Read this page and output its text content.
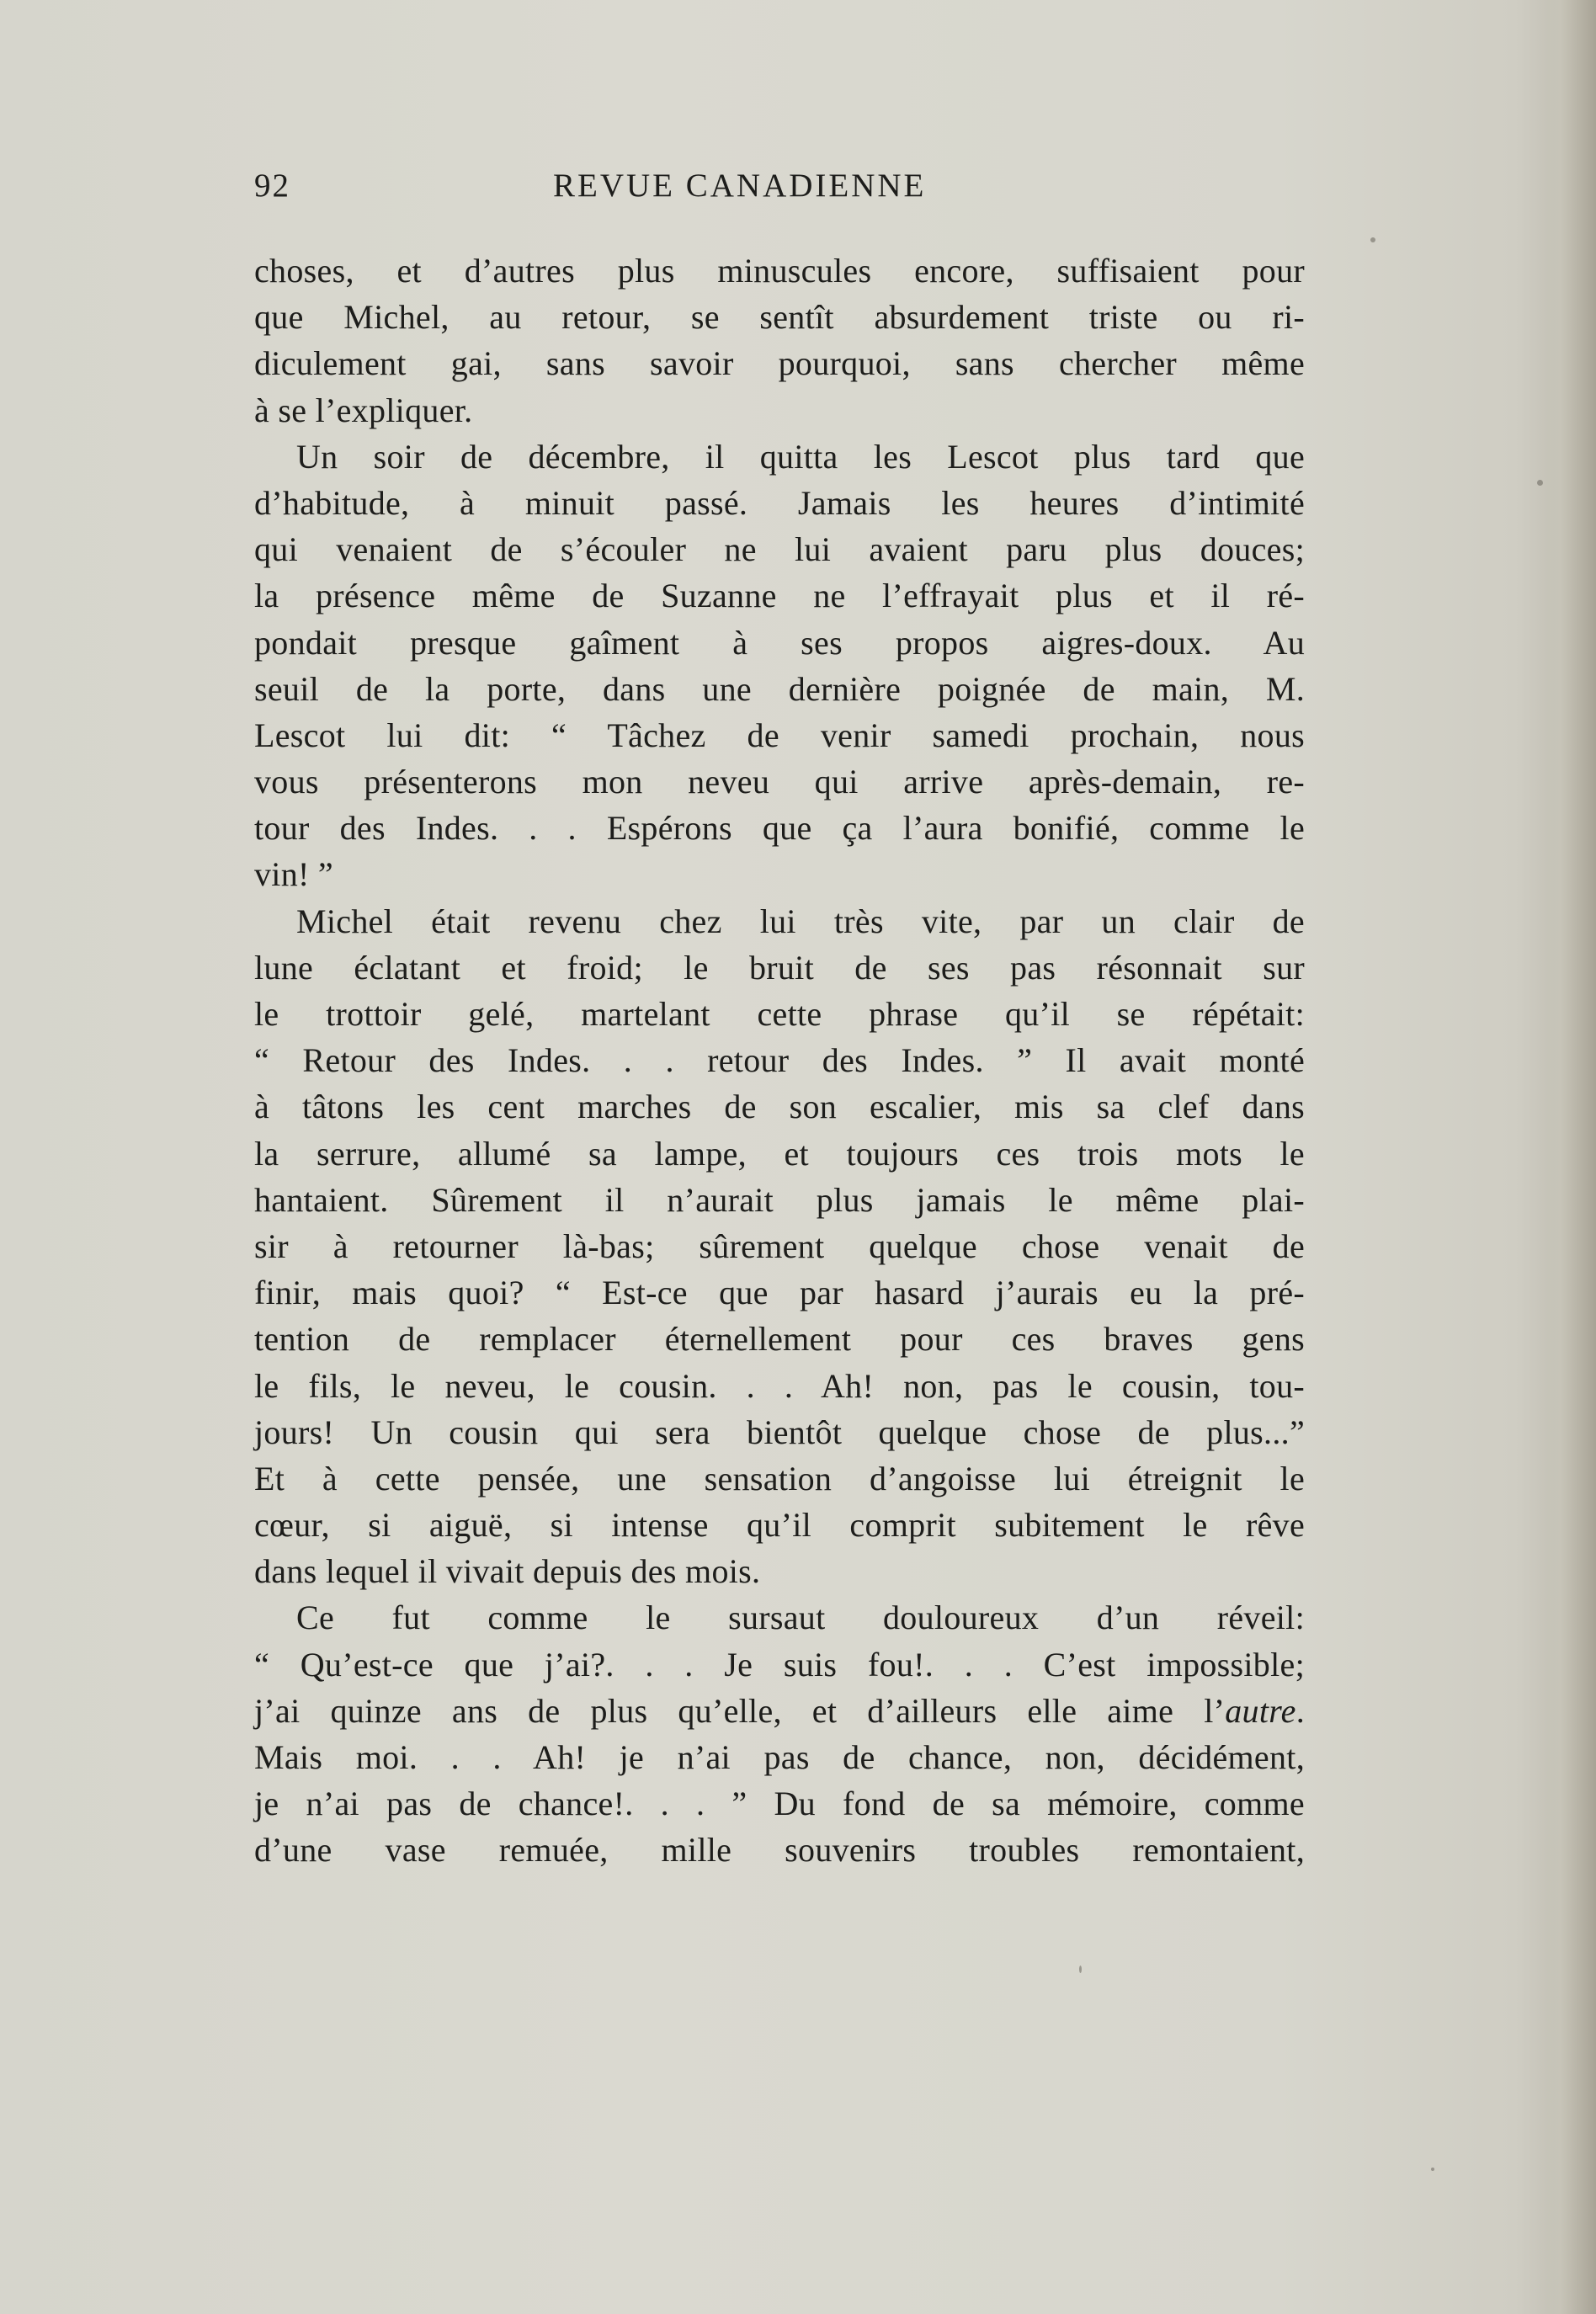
92	REVUE CANADIENNE
choses, et d’autres plus minuscules encore, suffisaient pour
que Michel, au retour, se sentît absurdement triste ou ri-
diculement gai, sans savoir pourquoi, sans chercher même
à se l’expliquer.
Un soir de décembre, il quitta les Lescot plus tard que
d’habitude, à minuit passé. Jamais les heures d’intimité
qui venaient de s’écouler ne lui avaient paru plus douces;
la présence même de Suzanne ne l’effrayait plus et il ré-
pondait presque gaîment à ses propos aigres-doux. Au
seuil de la porte, dans une dernière poignée de main, M.
Lescot lui dit: “ Tâchez de venir samedi prochain, nous
vous présenterons mon neveu qui arrive après-demain, re-
tour des Indes. . . Espérons que ça l’aura bonifié, comme le
vin! ”
Michel était revenu chez lui très vite, par un clair de
lune éclatant et froid; le bruit de ses pas résonnait sur
le trottoir gelé, martelant cette phrase qu’il se répétait:
“ Retour des Indes. . . retour des Indes. ” Il avait monté
à tâtons les cent marches de son escalier, mis sa clef dans
la serrure, allumé sa lampe, et toujours ces trois mots le
hantaient. Sûrement il n’aurait plus jamais le même plai-
sir à retourner là-bas; sûrement quelque chose venait de
finir, mais quoi? “ Est-ce que par hasard j’aurais eu la pré-
tention de remplacer éternellement pour ces braves gens
le fils, le neveu, le cousin. . . Ah! non, pas le cousin, tou-
jours! Un cousin qui sera bientôt quelque chose de plus...”
Et à cette pensée, une sensation d’angoisse lui étreignit le
cœur, si aiguë, si intense qu’il comprit subitement le rêve
dans lequel il vivait depuis des mois.
Ce fut comme le sursaut douloureux d’un réveil:
“ Qu’est-ce que j’ai?. . . Je suis fou!. . . C’est impossible;
j’ai quinze ans de plus qu’elle, et d’ailleurs elle aime l’autre.
Mais moi. . . Ah! je n’ai pas de chance, non, décidément,
je n’ai pas de chance!. . . ” Du fond de sa mémoire, comme
d’une vase remuée, mille souvenirs troubles remontaient,
